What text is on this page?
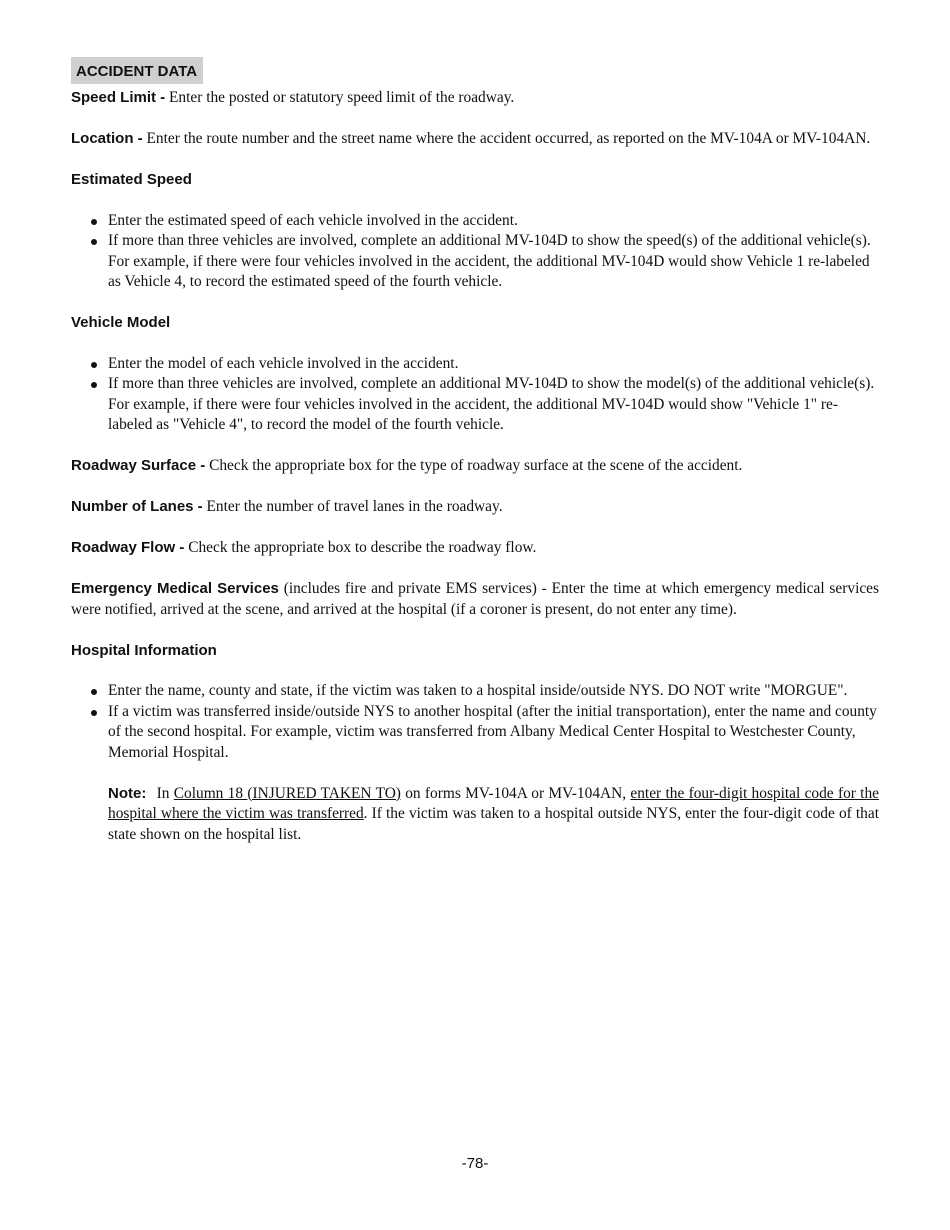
ACCIDENT DATA

Speed Limit - Enter the posted or statutory speed limit of the roadway.

Location - Enter the route number and the street name where the accident occurred, as reported on the MV-104A or MV-104AN.

Estimated Speed
Enter the estimated speed of each vehicle involved in the accident.
If more than three vehicles are involved, complete an additional MV-104D to show the speed(s) of the additional vehicle(s). For example, if there were four vehicles involved in the accident, the additional MV-104D would show Vehicle 1 re-labeled as Vehicle 4, to record the estimated speed of the fourth vehicle.
Vehicle Model
Enter the model of each vehicle involved in the accident.
If more than three vehicles are involved, complete an additional MV-104D to show the model(s) of the additional vehicle(s). For example, if there were four vehicles involved in the accident, the additional MV-104D would show "Vehicle 1" re-labeled as "Vehicle 4", to record the model of the fourth vehicle.

Roadway Surface - Check the appropriate box for the type of roadway surface at the scene of the accident.

Number of Lanes - Enter the number of travel lanes in the roadway.

Roadway Flow - Check the appropriate box to describe the roadway flow.

Emergency Medical Services (includes fire and private EMS services) - Enter the time at which emergency medical services were notified, arrived at the scene, and arrived at the hospital (if a coroner is present, do not enter any time).

Hospital Information
Enter the name, county and state, if the victim was taken to a hospital inside/outside NYS. DO NOT write "MORGUE".
If a victim was transferred inside/outside NYS to another hospital (after the initial transportation), enter the name and county of the second hospital. For example, victim was transferred from Albany Medical Center Hospital to Westchester County, Memorial Hospital.
Note: In Column 18 (INJURED TAKEN TO) on forms MV-104A or MV-104AN, enter the four-digit hospital code for the hospital where the victim was transferred. If the victim was taken to a hospital outside NYS, enter the four-digit code of that state shown on the hospital list.
-78-
